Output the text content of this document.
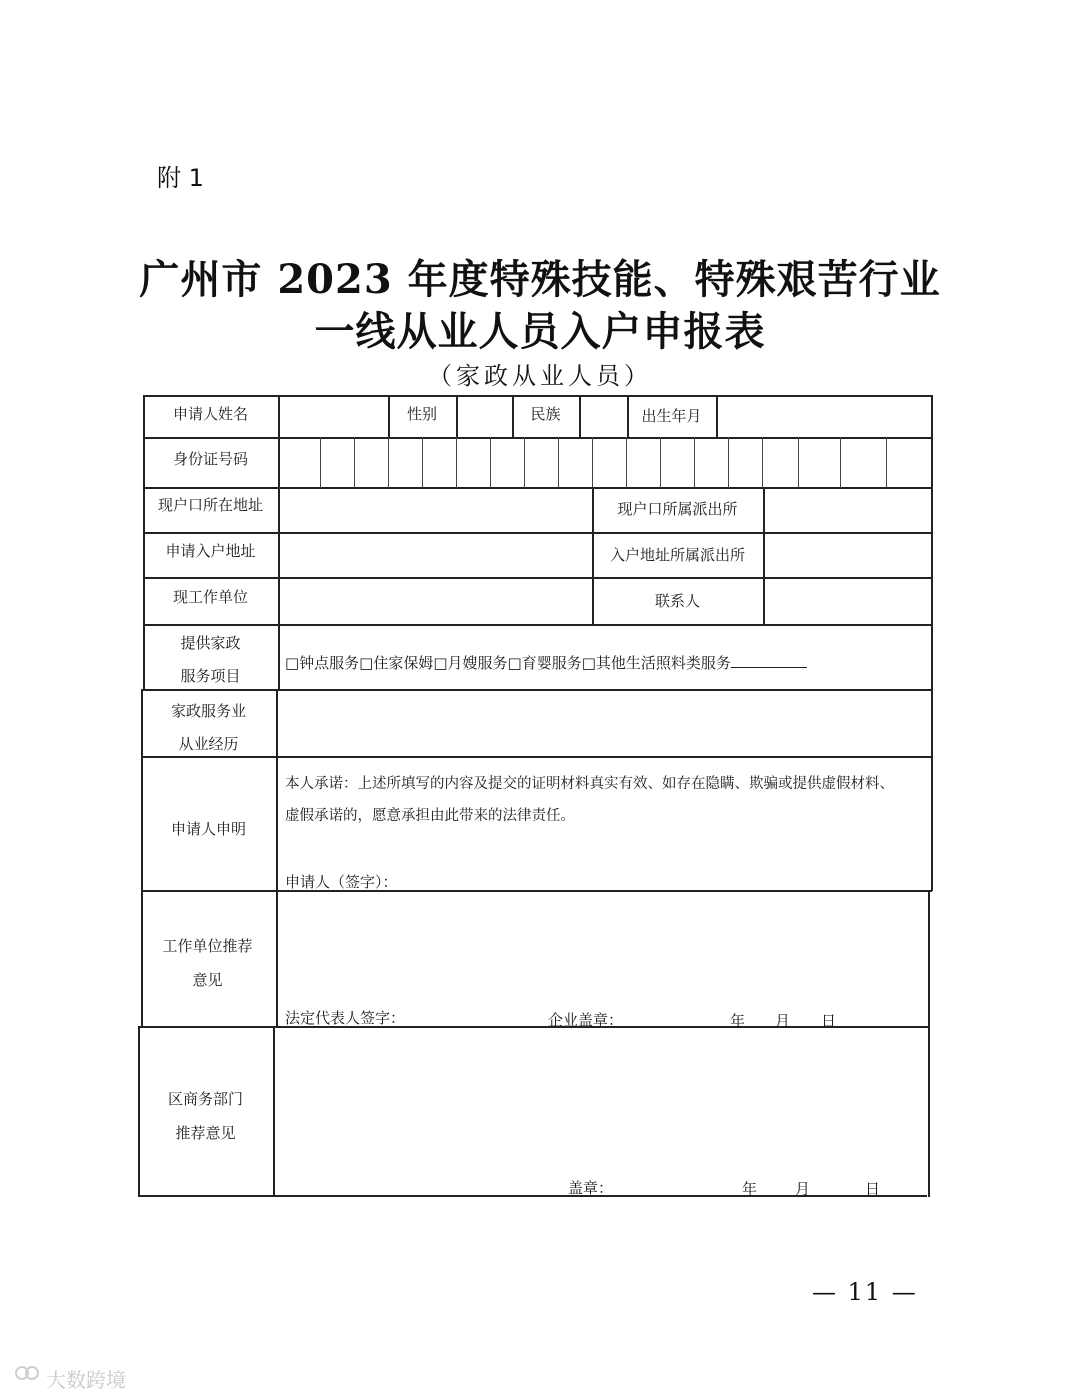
附 1
广州市 2023 年度特殊技能、特殊艰苦行业
一线从业人员入户申报表
（家政从业人员）
申请人姓名	性别	民族	出生年月
身份证号码
现户口所在地址	现户口所属派出所
申请入户地址	入户地址所属派出所
现工作单位	联系人
提供家政
服务项目
□钟点服务□住家保姆□月嫂服务□育婴服务□其他生活照料类服务
家政服务业
从业经历
申请人申明
本人承诺：上述所填写的内容及提交的证明材料真实有效、如存在隐瞒、欺骗或提供虚假材料、
虚假承诺的，愿意承担由此带来的法律责任。
申请人（签字）：
工作单位推荐
意见
法定代表人签字：	企业盖章：	年 月 日
区商务部门
推荐意见
盖章：	年	月	日
— 11 —
大数跨境
